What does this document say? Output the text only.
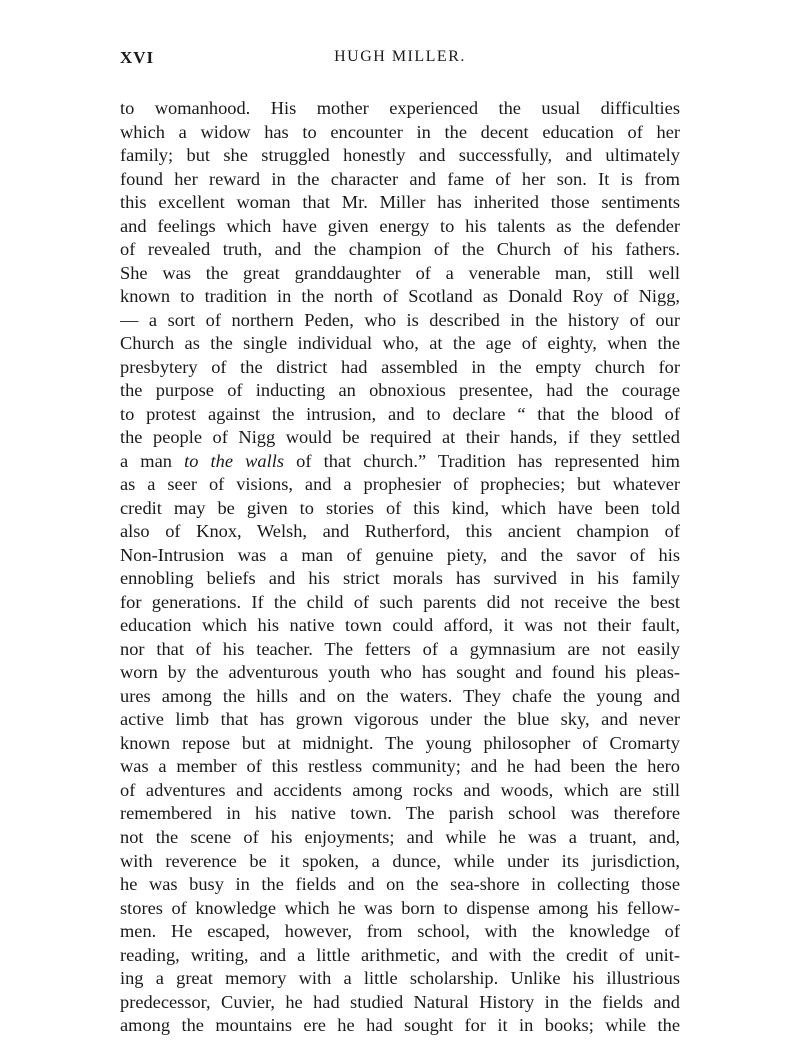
XVI	HUGH MILLER.
to womanhood. His mother experienced the usual difficulties
which a widow has to encounter in the decent education of her
family; but she struggled honestly and successfully, and ultimately
found her reward in the character and fame of her son. It is from
this excellent woman that Mr. Miller has inherited those sentiments
and feelings which have given energy to his talents as the defender
of revealed truth, and the champion of the Church of his fathers.
She was the great granddaughter of a venerable man, still well
known to tradition in the north of Scotland as Donald Roy of Nigg,
— a sort of northern Peden, who is described in the history of our
Church as the single individual who, at the age of eighty, when the
presbytery of the district had assembled in the empty church for
the purpose of inducting an obnoxious presentee, had the courage
to protest against the intrusion, and to declare “ that the blood of
the people of Nigg would be required at their hands, if they settled
a man to the walls of that church.” Tradition has represented him
as a seer of visions, and a prophesier of prophecies; but whatever
credit may be given to stories of this kind, which have been told
also of Knox, Welsh, and Rutherford, this ancient champion of
Non-Intrusion was a man of genuine piety, and the savor of his
ennobling beliefs and his strict morals has survived in his family
for generations. If the child of such parents did not receive the best
education which his native town could afford, it was not their fault,
nor that of his teacher. The fetters of a gymnasium are not easily
worn by the adventurous youth who has sought and found his pleas-
ures among the hills and on the waters. They chafe the young and
active limb that has grown vigorous under the blue sky, and never
known repose but at midnight. The young philosopher of Cromarty
was a member of this restless community; and he had been the hero
of adventures and accidents among rocks and woods, which are still
remembered in his native town. The parish school was therefore
not the scene of his enjoyments; and while he was a truant, and,
with reverence be it spoken, a dunce, while under its jurisdiction,
he was busy in the fields and on the sea-shore in collecting those
stores of knowledge which he was born to dispense among his fellow-
men. He escaped, however, from school, with the knowledge of
reading, writing, and a little arithmetic, and with the credit of unit-
ing a great memory with a little scholarship. Unlike his illustrious
predecessor, Cuvier, he had studied Natural History in the fields and
among the mountains ere he had sought for it in books; while the
